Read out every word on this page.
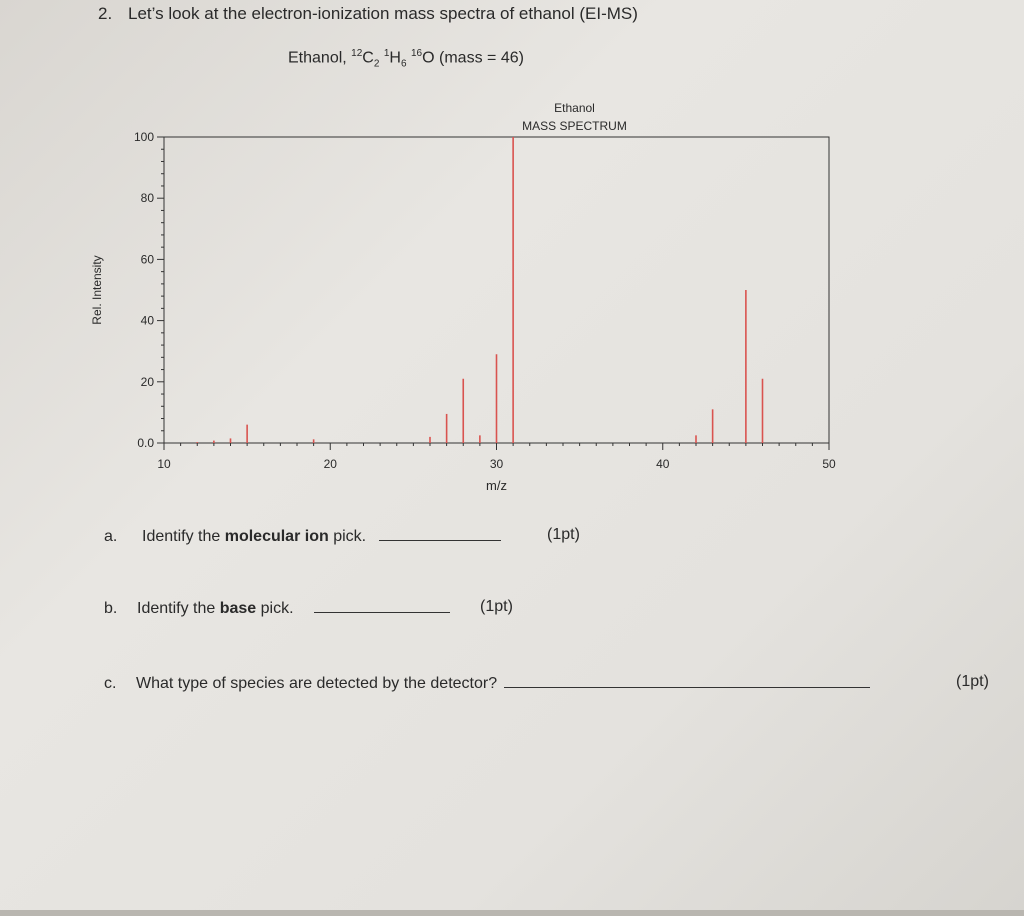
2. Let’s look at the electron-ionization mass spectra of ethanol (EI-MS)
Ethanol, $^{12}C_2$ $^1H_6$ $^{16}$O (mass = 46)
Ethanol
MASS SPECTRUM
10	20	30	40	50
0.0
20
40
60
80
100
m/z
Rel. Intensity
a. Identify the molecular ion pick.	(1pt)
b. Identify the base pick.	(1pt)
c. What type of species are detected by the detector?	(1pt)
